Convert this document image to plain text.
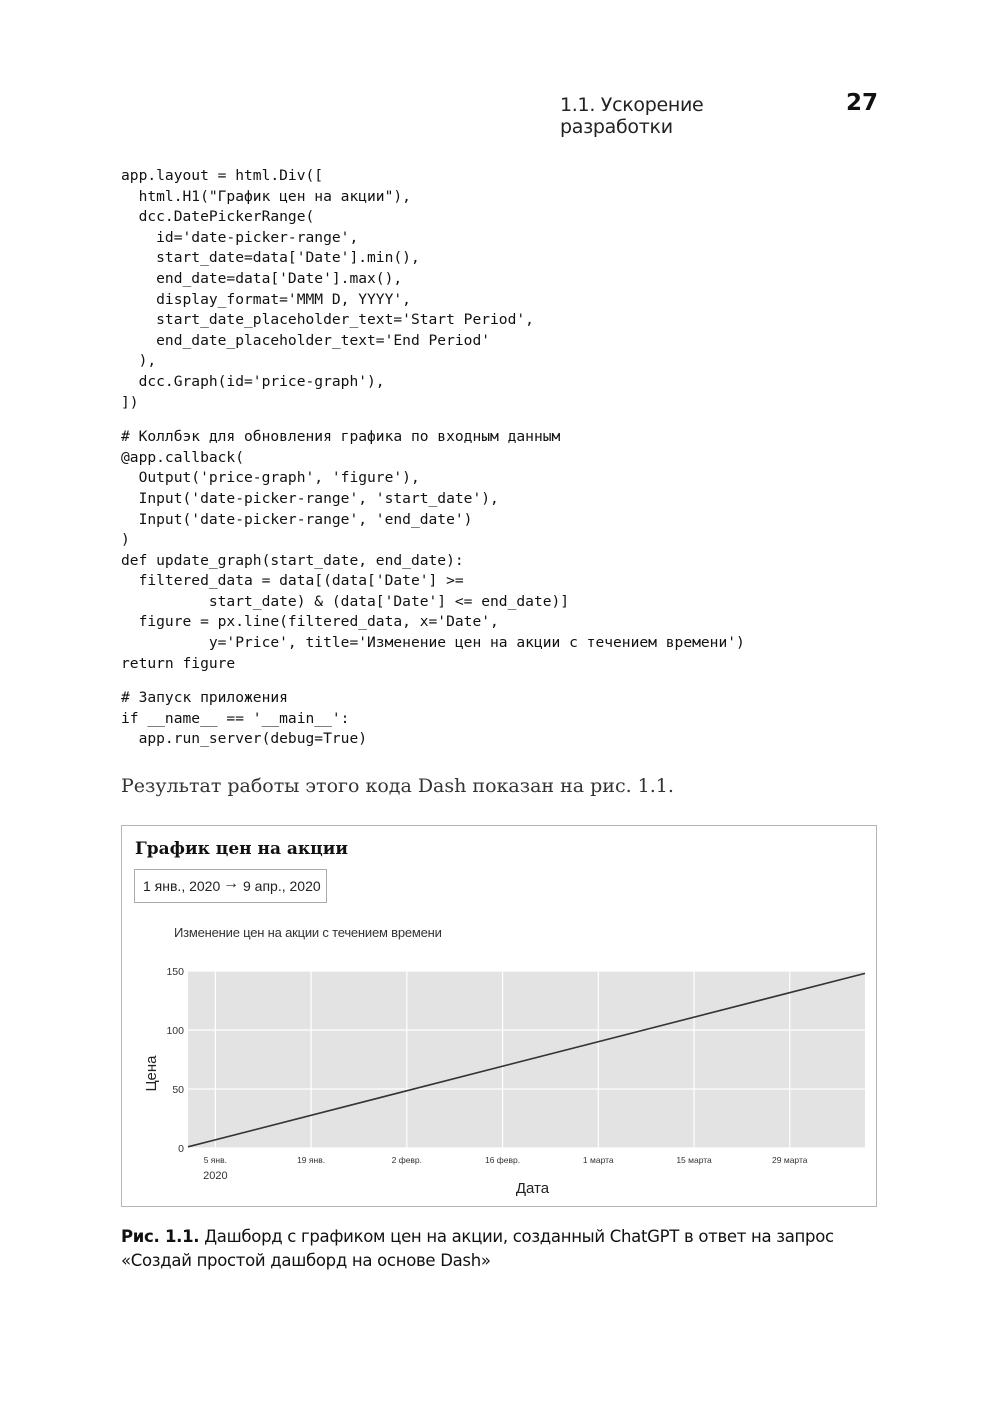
1.1. Ускорение разработки
27
app.layout = html.Div([
html.H1("График цен на акции"),
dcc.DatePickerRange(
id='date-picker-range',
start_date=data['Date'].min(),
end_date=data['Date'].max(),
display_format='MMM D, YYYY',
start_date_placeholder_text='Start Period',
end_date_placeholder_text='End Period'
),
dcc.Graph(id='price-graph'),
])
# Коллбэк для обновления графика по входным данным
@app.callback(
Output('price-graph', 'figure'),
Input('date-picker-range', 'start_date'),
Input('date-picker-range', 'end_date')
)
def update_graph(start_date, end_date):
filtered_data = data[(data['Date'] >=
start_date) & (data['Date'] <= end_date)]
figure = px.line(filtered_data, x='Date',
y='Price', title='Изменение цен на акции с течением времени')
return figure
# Запуск приложения
if __name__ == '__main__':
app.run_server(debug=True)
Результат работы этого кода Dash показан на рис. 1.1.
График цен на акции
1 янв., 2020 → 9 апр., 2020
Изменение цен на акции с течением времени
0
50
100
150
5 янв.
2020
19 янв.	2 февр.	16 февр.	1 марта	15 марта	29 марта
Дата
Цена
Рис. 1.1. Дашборд с графиком цен на акции, созданный ChatGPT в ответ на запрос
«Создай простой дашборд на основе Dash»
